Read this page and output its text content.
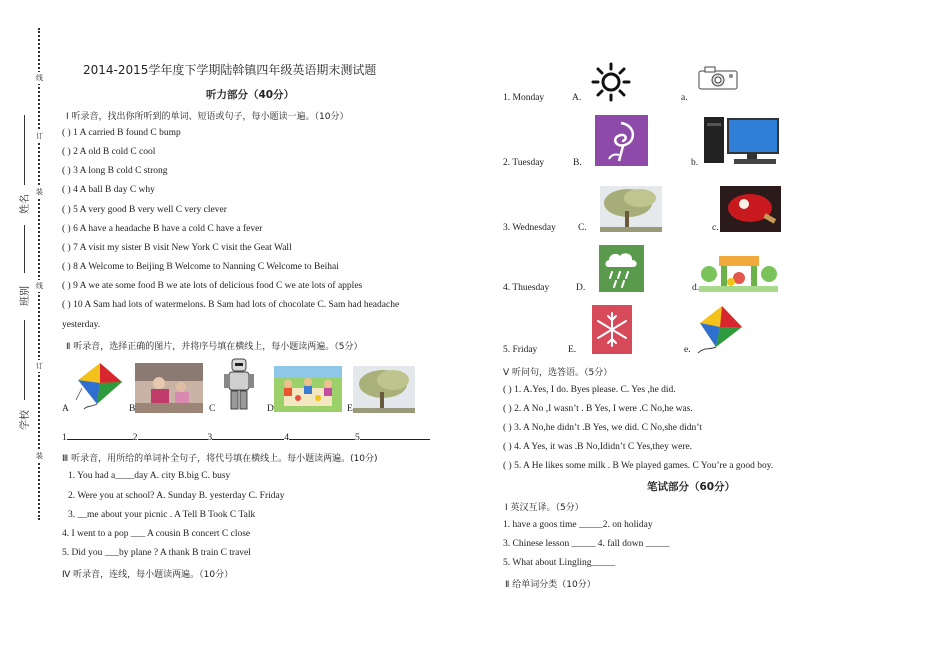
线
订
装
线
订
装
姓名
班别
学校
2014-2015学年度下学期陆斡镇四年级英语期末测试题
听力部分（40分）
Ⅰ 听录音，找出你所听到的单词、短语或句子，每小题读一遍。（10分）
( ) 1 A carried B found C bump
( ) 2 A old B cold C cool
( ) 3 A long B cold C strong
( ) 4 A ball B day C why
( ) 5 A very good B very well C very clever
( ) 6 A have a headache B have a cold C have a fever
( ) 7 A visit my sister B visit New York C visit the Geat Wall
( ) 8 A Welcome to Beijing B Welcome to Nanning C Welcome to Beihai
( ) 9 A we ate some food B we ate lots of delicious food C we ate lots of apples
( ) 10 A Sam had lots of watermelons. B Sam had lots of chocolate C. Sam had headache
yesterday.
Ⅱ 听录音，选择正确的图片，并将序号填在横线上，每小题读两遍。（5分）
A	B	C	D	E
1	2	3	4	5
Ⅲ 听录音，用所给的单词补全句子，将代号填在横线上。每小题读两遍。(10分)
1. You had a____day A. city B.big C. busy
2. Were you at school? A. Sunday B. yesterday C. Friday
3. __me about your picnic . A Tell B Took C Talk
4. I went to a pop ___ A cousin B concert C close
5. Did you ___by plane ? A thank B train C travel
Ⅳ 听录音，连线，每小题读两遍。（10分）
1. Monday	A.	a.
2. Tuesday	B.	b.
3. Wednesday C.	c.
4. Thuesday	D.	d.
5. Friday	E.	e.
Ⅴ 听问句，选答语。（5分）
( ) 1. A.Yes, I do. Byes please. C. Yes ,he did.
( ) 2. A No ,I wasn’t . B Yes, I were .C No,he was.
( ) 3. A No,he didn’t .B Yes, we did. C No,she didn’t
( ) 4. A Yes, it was .B No,Ididn’t C Yes,they were.
( ) 5. A He likes some milk . B We played games. C You’re a good boy.
笔试部分（60分）
Ⅰ 英汉互译。（5分）
1. have a goos time _____2. on holiday
3. Chinese lesson _____ 4. fall down _____
5. What about Lingling_____
Ⅱ 给单词分类（10分）
